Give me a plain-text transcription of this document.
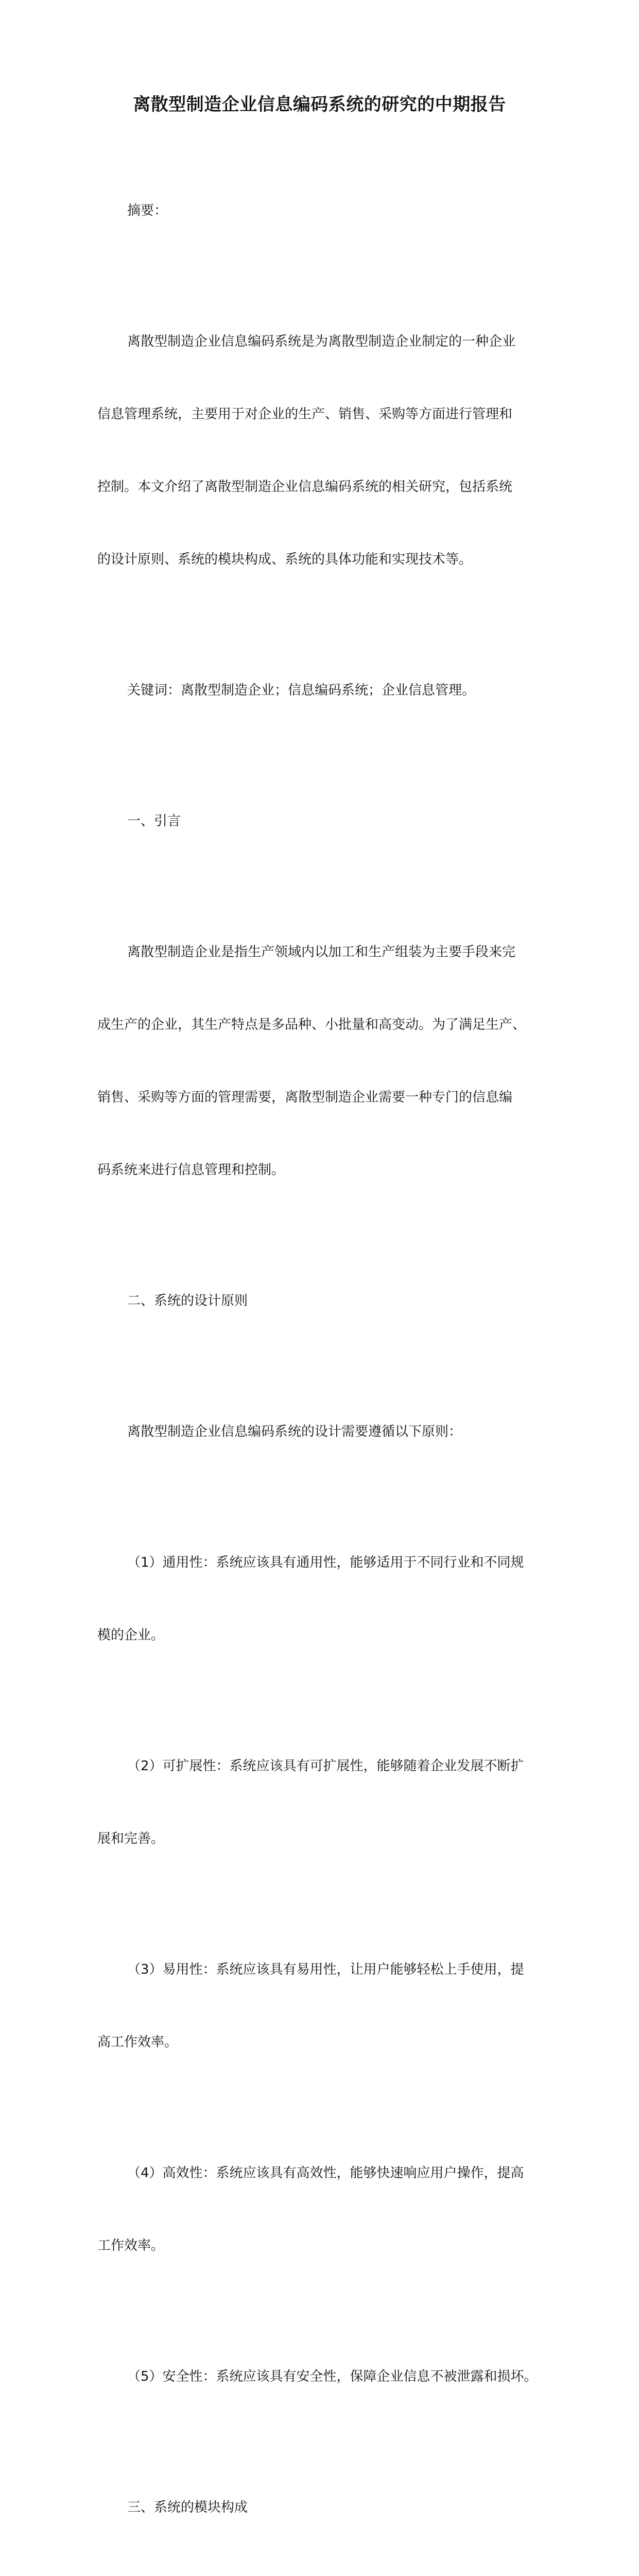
离散型制造企业信息编码系统的研究的中期报告

摘要：

离散型制造企业信息编码系统是为离散型制造企业制定的一种企业

信息管理系统，主要用于对企业的生产、销售、采购等方面进行管理和

控制。本文介绍了离散型制造企业信息编码系统的相关研究，包括系统

的设计原则、系统的模块构成、系统的具体功能和实现技术等。

关键词：离散型制造企业；信息编码系统；企业信息管理。

一、引言

离散型制造企业是指生产领域内以加工和生产组装为主要手段来完

成生产的企业，其生产特点是多品种、小批量和高变动。为了满足生产、

销售、采购等方面的管理需要，离散型制造企业需要一种专门的信息编

码系统来进行信息管理和控制。

二、系统的设计原则

离散型制造企业信息编码系统的设计需要遵循以下原则：

（1）通用性：系统应该具有通用性，能够适用于不同行业和不同规

模的企业。

（2）可扩展性：系统应该具有可扩展性，能够随着企业发展不断扩

展和完善。

（3）易用性：系统应该具有易用性，让用户能够轻松上手使用，提

高工作效率。

（4）高效性：系统应该具有高效性，能够快速响应用户操作，提高

工作效率。

（5）安全性：系统应该具有安全性，保障企业信息不被泄露和损坏。

三、系统的模块构成
